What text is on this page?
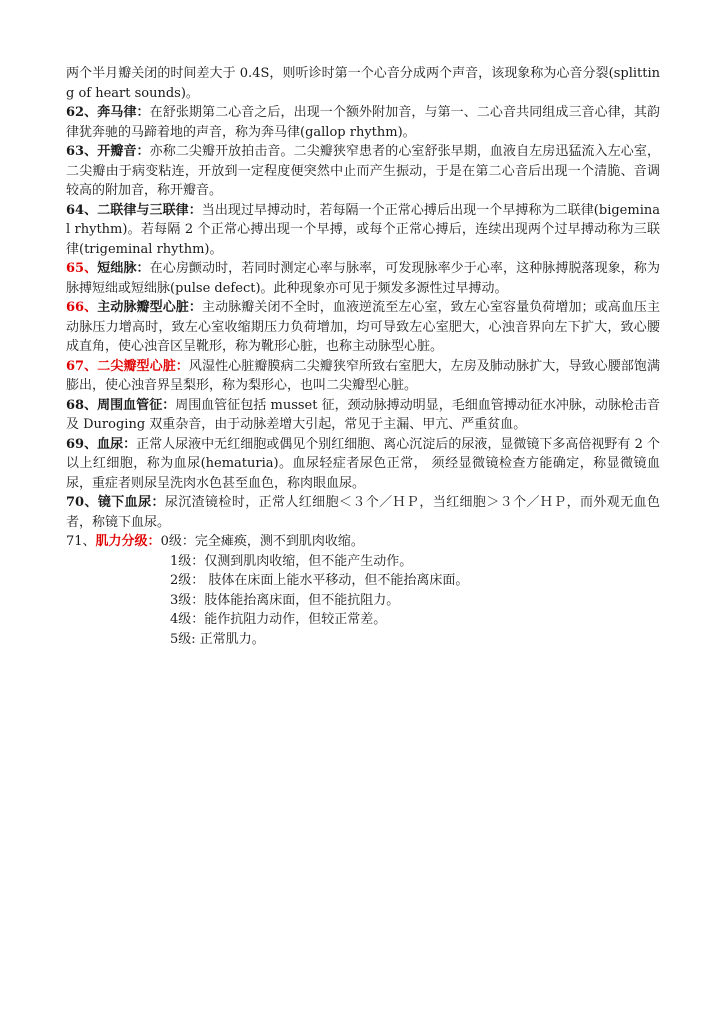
两个半月瓣关闭的时间差大于 0.4S，则听诊时第一个心音分成两个声音，该现象称为心音分裂(splitting of heart sounds)。

62、奔马律：在舒张期第二心音之后，出现一个额外附加音，与第一、二心音共同组成三音心律，其韵律犹奔驰的马蹄着地的声音，称为奔马律(gallop rhythm)。

63、开瓣音：亦称二尖瓣开放拍击音。二尖瓣狭窄患者的心室舒张早期，血液自左房迅猛流入左心室，二尖瓣由于病变粘连，开放到一定程度便突然中止而产生振动，于是在第二心音后出现一个清脆、音调较高的附加音，称开瓣音。

64、二联律与三联律：当出现过早搏动时，若每隔一个正常心搏后出现一个早搏称为二联律(bigeminal rhythm)。若每隔 2 个正常心搏出现一个早搏，或每个正常心搏后，连续出现两个过早搏动称为三联律(trigeminal rhythm)。

65、短绌脉：在心房颤动时，若同时测定心率与脉率，可发现脉率少于心率，这种脉搏脱落现象，称为脉搏短绌或短绌脉(pulse defect)。此种现象亦可见于频发多源性过早搏动。

66、主动脉瓣型心脏：主动脉瓣关闭不全时，血液逆流至左心室，致左心室容量负荷增加；或高血压主动脉压力增高时，致左心室收缩期压力负荷增加，均可导致左心室肥大，心浊音界向左下扩大，致心腰成直角，使心浊音区呈靴形，称为靴形心脏，也称主动脉型心脏。

67、二尖瓣型心脏：风湿性心脏瓣膜病二尖瓣狭窄所致右室肥大，左房及肺动脉扩大，导致心腰部饱满膨出，使心浊音界呈梨形，称为梨形心，也叫二尖瓣型心脏。

68、周围血管征：周围血管征包括 musset 征，颈动脉搏动明显，毛细血管搏动征水冲脉，动脉枪击音及 Duroging 双重杂音，由于动脉差增大引起，常见于主漏、甲亢、严重贫血。

69、血尿：正常人尿液中无红细胞或偶见个别红细胞、离心沉淀后的尿液，显微镜下多高倍视野有 2 个以上红细胞，称为血尿(hematuria)。血尿轻症者尿色正常， 须经显微镜检查方能确定，称显微镜血尿，重症者则尿呈洗肉水色甚至血色，称肉眼血尿。

70、镜下血尿：尿沉渣镜检时，正常人红细胞＜３个／ＨＰ，当红细胞＞３个／ＨＰ，而外观无血色者，称镜下血尿。

71、肌力分级：0级：完全瘫痪，测不到肌肉收缩。
1级：仅测到肌肉收缩，但不能产生动作。
2级： 肢体在床面上能水平移动，但不能抬离床面。
3级：肢体能抬离床面，但不能抗阻力。
4级：能作抗阻力动作，但较正常差。
5级: 正常肌力。
